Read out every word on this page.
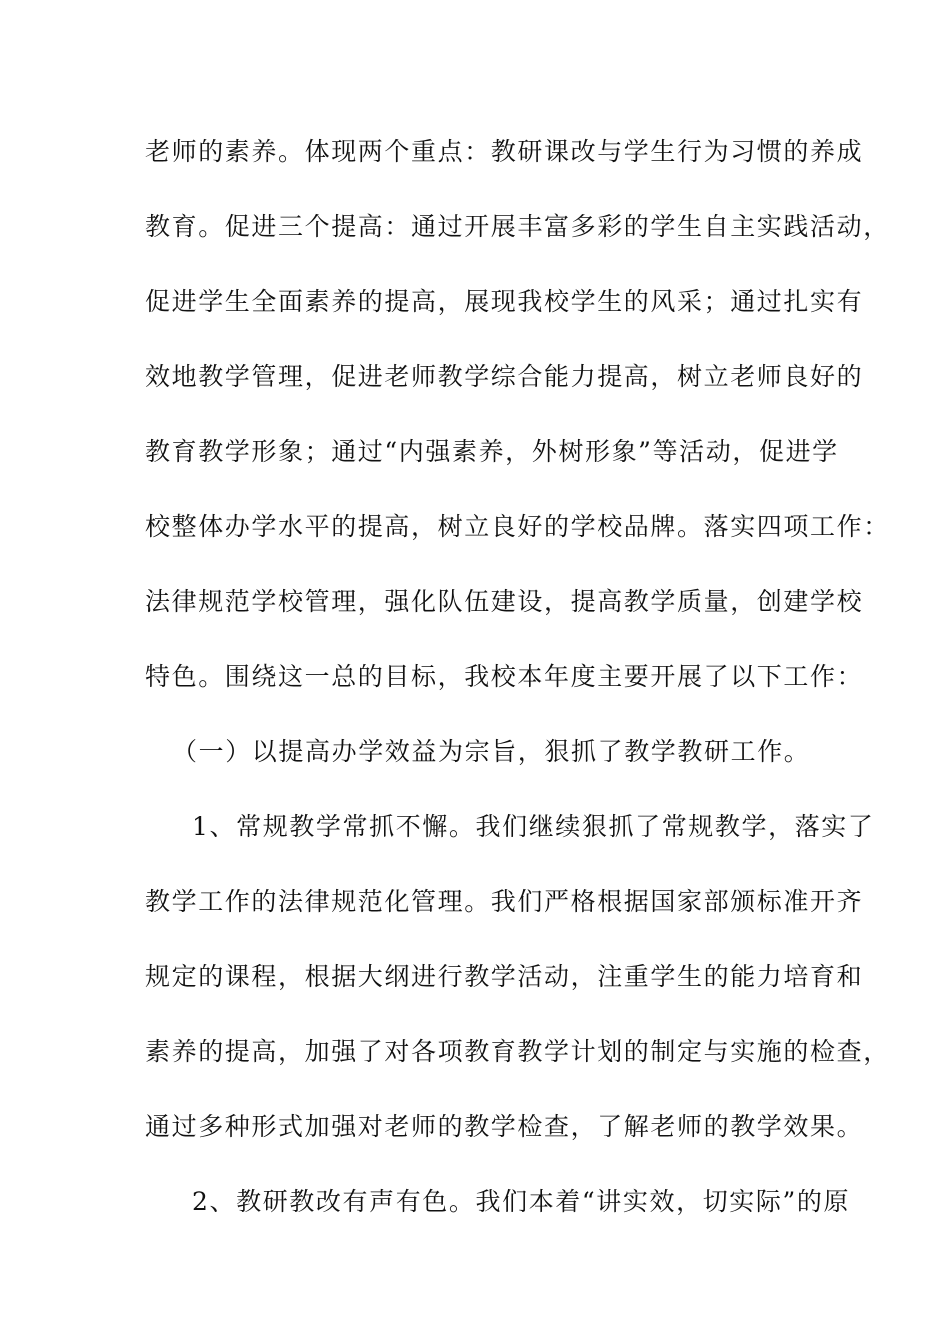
老师的素养。体现两个重点：教研课改与学生行为习惯的养成
教育。促进三个提高：通过开展丰富多彩的学生自主实践活动，
促进学生全面素养的提高，展现我校学生的风采；通过扎实有
效地教学管理，促进老师教学综合能力提高，树立老师良好的
教育教学形象；通过“内强素养，外树形象”等活动，促进学
校整体办学水平的提高，树立良好的学校品牌。落实四项工作：
法律规范学校管理，强化队伍建设，提高教学质量，创建学校
特色。围绕这一总的目标，我校本年度主要开展了以下工作：
（一）以提高办学效益为宗旨，狠抓了教学教研工作。
1、常规教学常抓不懈。我们继续狠抓了常规教学，落实了
教学工作的法律规范化管理。我们严格根据国家部颁标准开齐
规定的课程，根据大纲进行教学活动，注重学生的能力培育和
素养的提高，加强了对各项教育教学计划的制定与实施的检查，
通过多种形式加强对老师的教学检查，了解老师的教学效果。
2、教研教改有声有色。我们本着“讲实效，切实际”的原
